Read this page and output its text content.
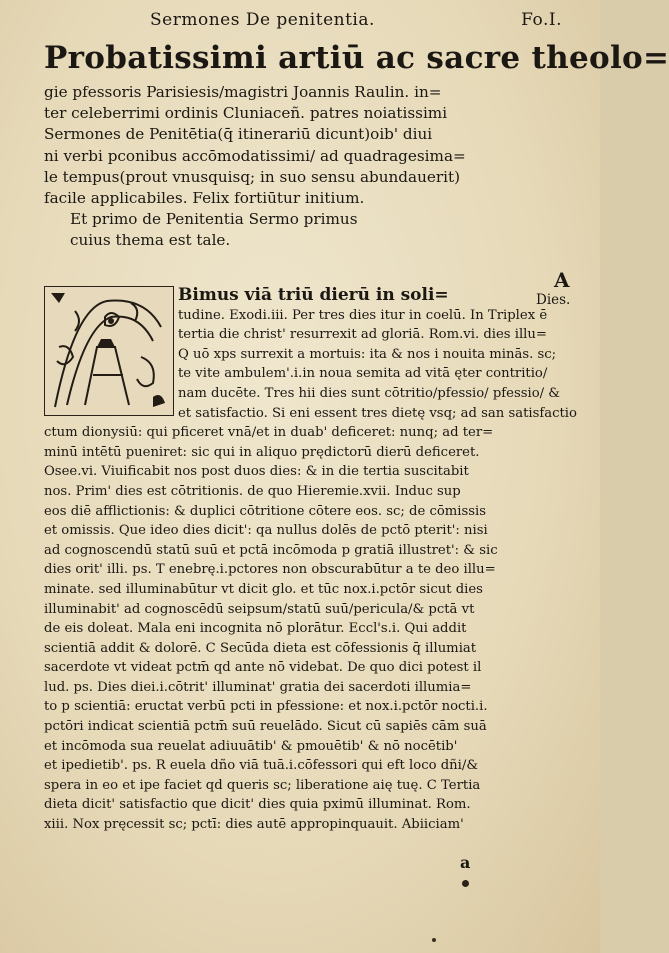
Sermones De penitentia.	Fo.I.
Probatissimi artiū ac sacre theolo=
gie pfessoris Parisiesis/magistri Joannis Raulin. in=
ter celeberrimi ordinis Cluniaceñ. patres noiatissimi
Sermones de Penitētia(q̄ itinerariū dicunt)oib' diui
ni verbi pconibus accōmodatissimi/ ad quadragesima=
le tempus(prout vnusquisq; in suo sensu abundauerit)
facile applicabiles. Felix fortiūtur initium.
Et primo de Penitentia Sermo primus
cuius thema est tale.
A
Dies.
Bimus viā triū dierū in soli=
tudine. Exodi.iii. Per tres dies itur in coelū. In Triplex ē
tertia die christ' resurrexit ad gloriā. Rom.vi. dies illu=
Q uō xps surrexit a mortuis: ita & nos i nouita minās. sc;
te vite ambulem'.i.in noua semita ad vitā ęter contritio/
nam ducēte. Tres hii dies sunt cōtritio/pfessio/ pfessio/ &
et satisfactio. Si eni essent tres dietę vsq; ad san satisfactio
ctum dionysiū: qui pficeret vnā/et in duab' deficeret: nunq; ad ter=
minū intētū pueniret: sic qui in aliquo prędictorū dierū deficeret.
Osee.vi. Viuificabit nos post duos dies: & in die tertia suscitabit
nos. Prim' dies est cōtritionis. de quo Hieremie.xvii. Induc sup
eos diē afflictionis: & duplici cōtritione cōtere eos. sc; de cōmissis
et omissis. Que ideo dies dicit': qa nullus dolēs de pctō pterit': nisi
ad cognoscendū statū suū et pctā incōmoda p gratiā illustret': & sic
dies orit' illi. ps. T enebrę.i.pctores non obscurabūtur a te deo illu=
minate. sed illuminabūtur vt dicit glo. et tūc nox.i.pctōr sicut dies
illuminabit' ad cognoscēdū seipsum/statū suū/pericula/& pctā vt
de eis doleat. Mala eni incognita nō plorātur. Eccl's.i. Qui addit
scientiā addit & dolorē. C Secūda dieta est cōfessionis q̄ illumiat
sacerdote vt videat pctm̄ qd ante nō videbat. De quo dici potest il
lud. ps. Dies diei.i.cōtrit' illuminat' gratia dei sacerdoti illumia=
to p scientiā: eructat verbū pcti in pfessione: et nox.i.pctōr nocti.i.
pctōri indicat scientiā pctm̄ suū reuelādo. Sicut cū sapiēs cām suā
et incōmoda sua reuelat adiuuātib' & pmouētib' & nō nocētib'
et ipedietib'. ps. R euela dño viā tuā.i.cōfessori qui eft loco dñi/&
spera in eo et ipe faciet qd queris sc; liberatione aię tuę. C Tertia
dieta dicit' satisfactio que dicit' dies quia pximū illuminat. Rom.
xiii. Nox pręcessit sc; pctī: dies autē appropinquauit. Abiiciam'
a
